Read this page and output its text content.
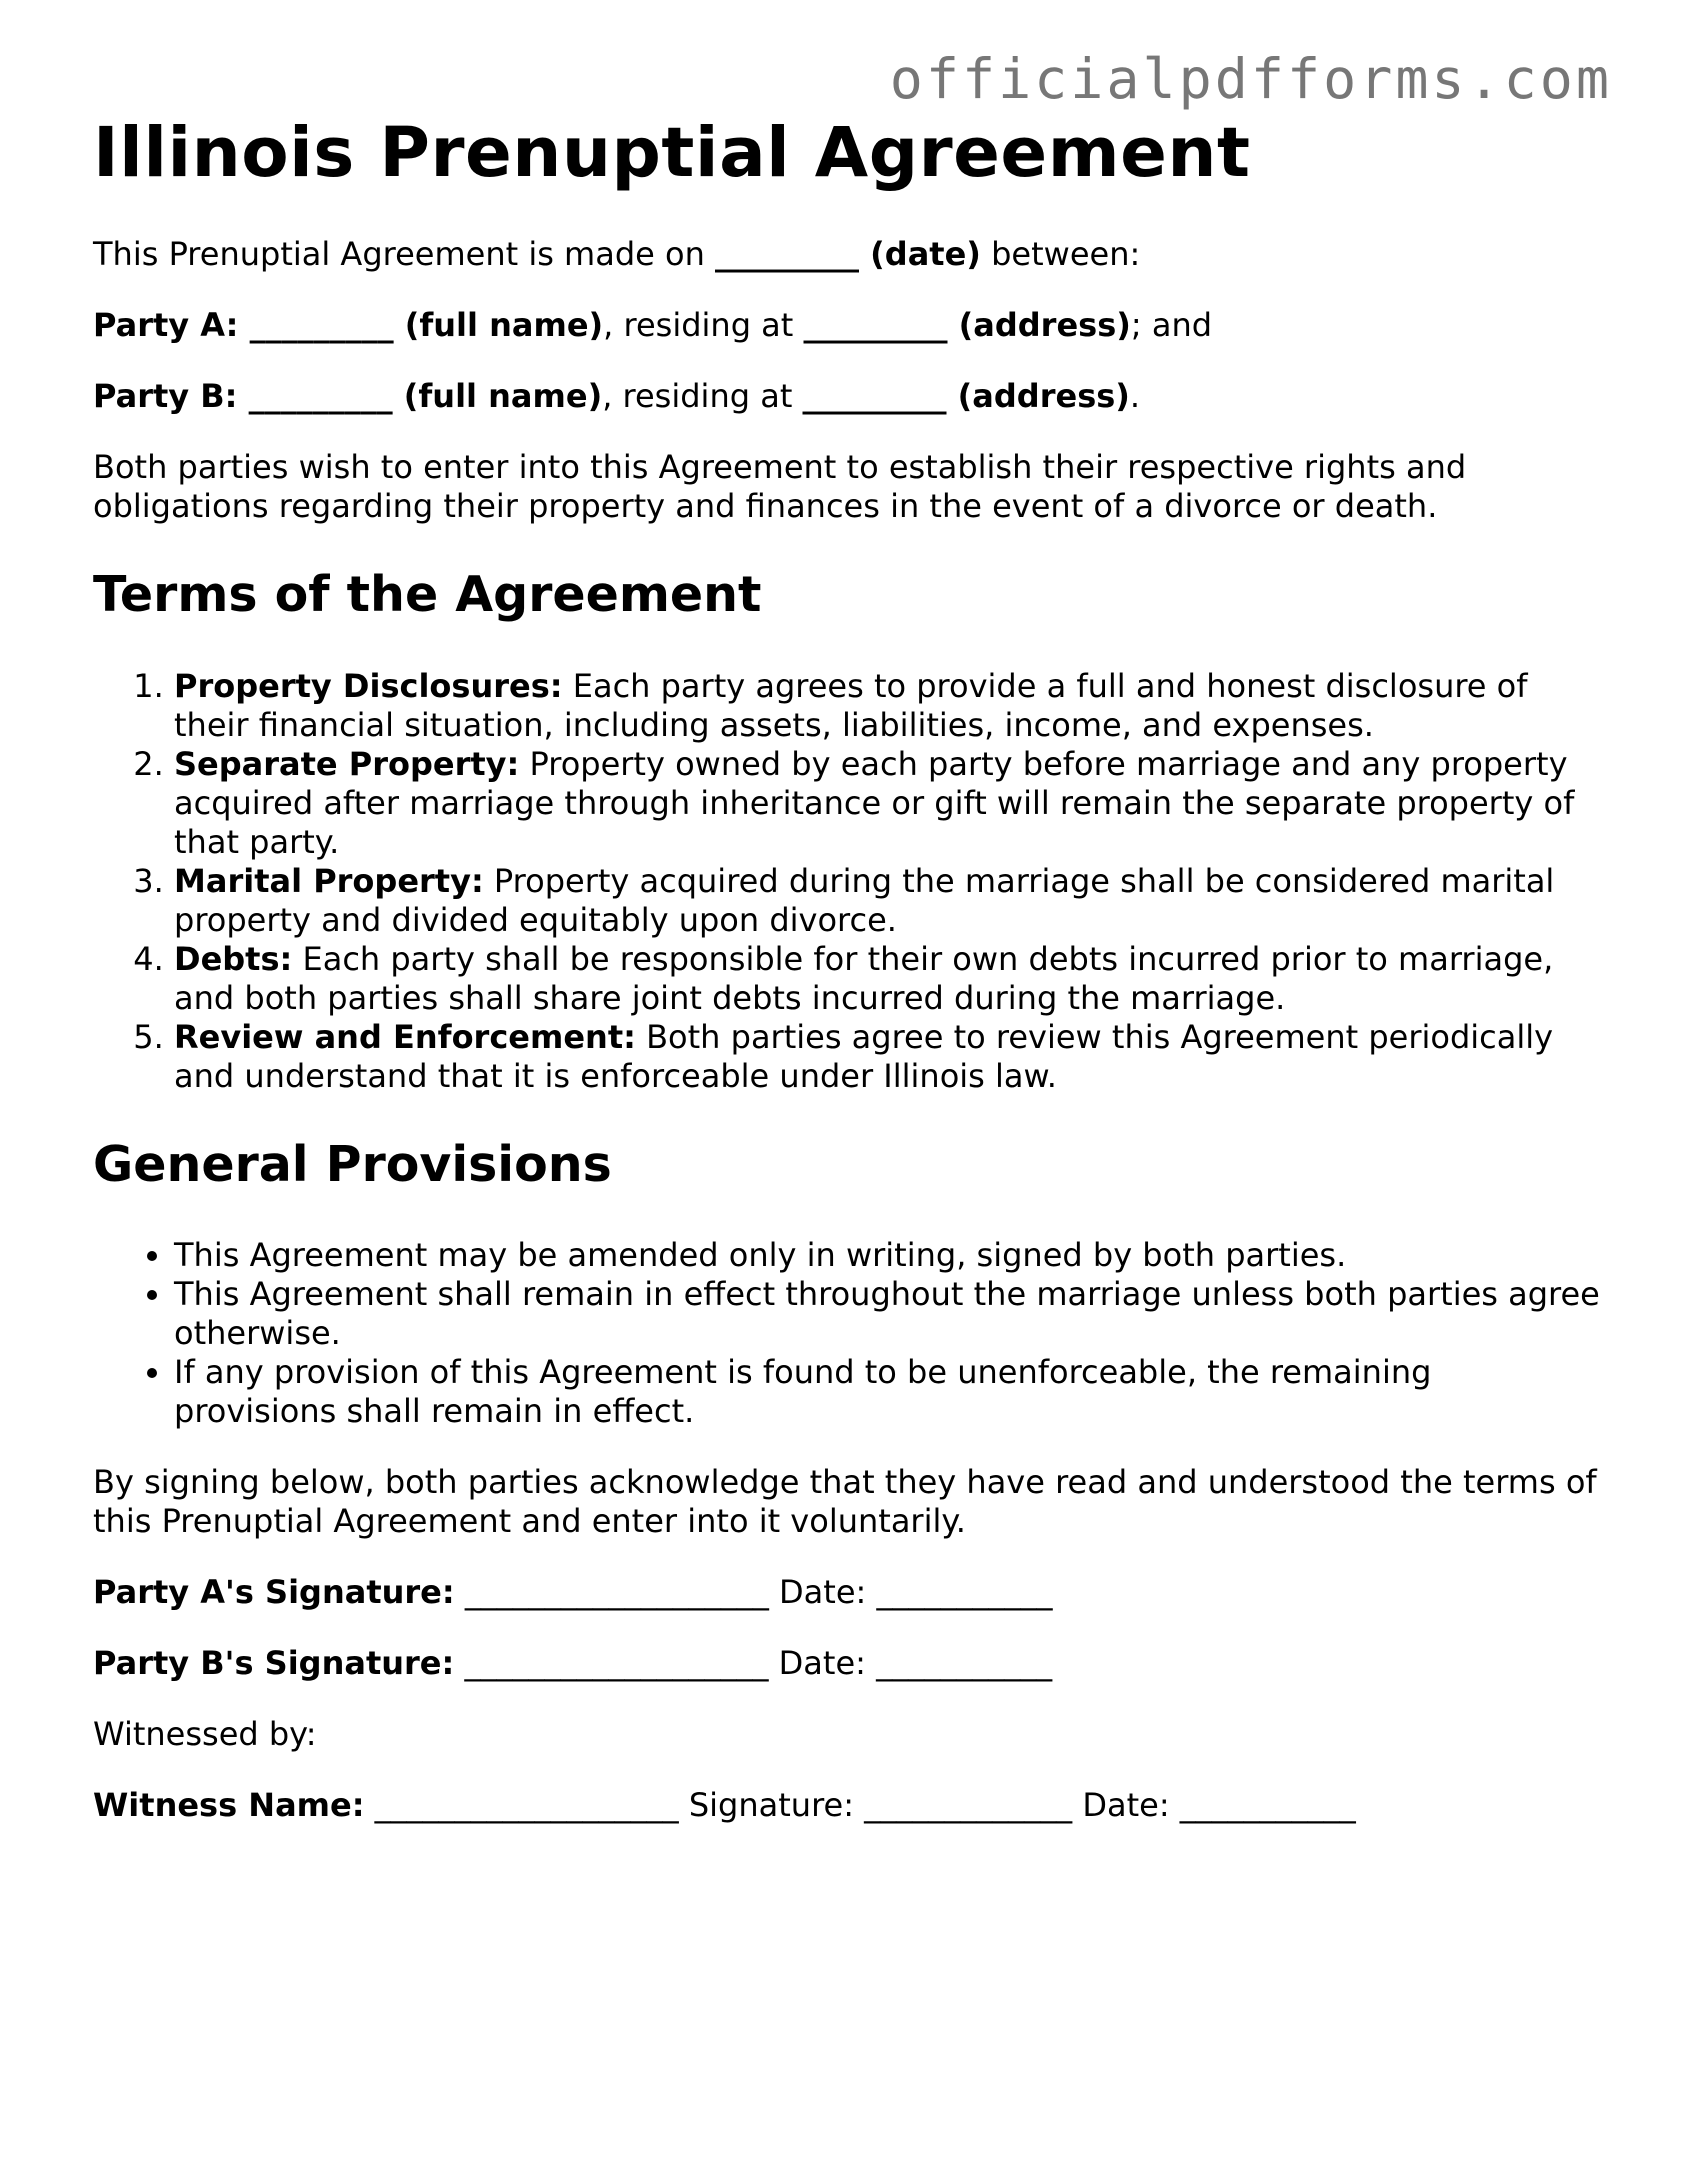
officialpdfforms.com
Illinois Prenuptial Agreement

This Prenuptial Agreement is made on _________ (date) between:

Party A: _________ (full name), residing at _________ (address); and

Party B: _________ (full name), residing at _________ (address).

Both parties wish to enter into this Agreement to establish their respective rights and obligations regarding their property and finances in the event of a divorce or death.

Terms of the Agreement
1. Property Disclosures: Each party agrees to provide a full and honest disclosure of their financial situation, including assets, liabilities, income, and expenses.
2. Separate Property: Property owned by each party before marriage and any property acquired after marriage through inheritance or gift will remain the separate property of that party.
3. Marital Property: Property acquired during the marriage shall be considered marital property and divided equitably upon divorce.
4. Debts: Each party shall be responsible for their own debts incurred prior to marriage, and both parties shall share joint debts incurred during the marriage.
5. Review and Enforcement: Both parties agree to review this Agreement periodically and understand that it is enforceable under Illinois law.
General Provisions
• This Agreement may be amended only in writing, signed by both parties.
• This Agreement shall remain in effect throughout the marriage unless both parties agree otherwise.
• If any provision of this Agreement is found to be unenforceable, the remaining provisions shall remain in effect.

By signing below, both parties acknowledge that they have read and understood the terms of this Prenuptial Agreement and enter into it voluntarily.

Party A's Signature: ___________________ Date: ___________

Party B's Signature: ___________________ Date: ___________

Witnessed by:

Witness Name: ___________________ Signature: _____________ Date: ___________
